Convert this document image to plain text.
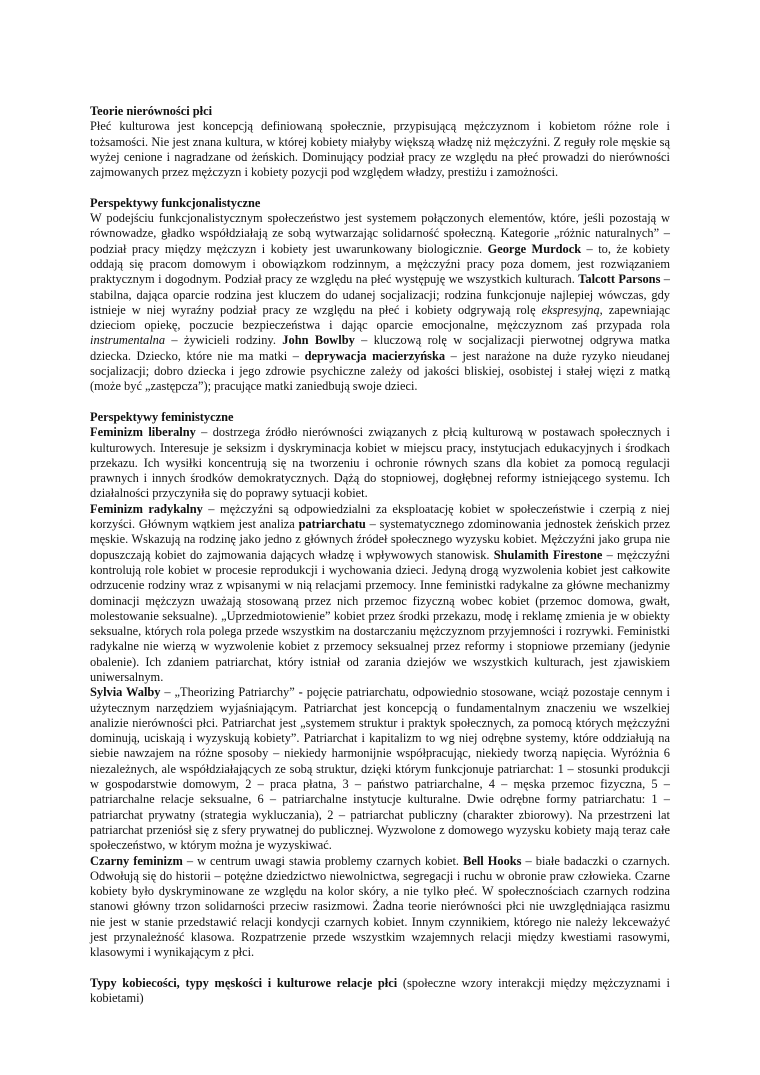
Teorie nierówności płci
Płeć kulturowa jest koncepcją definiowaną społecznie, przypisującą mężczyznom i kobietom różne role i tożsamości. Nie jest znana kultura, w której kobiety miałyby większą władzę niż mężczyźni. Z reguły role męskie są wyżej cenione i nagradzane od żeńskich. Dominujący podział pracy ze względu na płeć prowadzi do nierówności zajmowanych przez mężczyzn i kobiety pozycji pod względem władzy, prestiżu i zamożności.
Perspektywy funkcjonalistyczne
W podejściu funkcjonalistycznym społeczeństwo jest systemem połączonych elementów, które, jeśli pozostają w równowadze, gładko współdziałają ze sobą wytwarzając solidarność społeczną. Kategorie „różnic naturalnych” – podział pracy między mężczyzn i kobiety jest uwarunkowany biologicznie. George Murdock – to, że kobiety oddają się pracom domowym i obowiązkom rodzinnym, a mężczyźni pracy poza domem, jest rozwiązaniem praktycznym i dogodnym. Podział pracy ze względu na płeć występuję we wszystkich kulturach. Talcott Parsons – stabilna, dająca oparcie rodzina jest kluczem do udanej socjalizacji; rodzina funkcjonuje najlepiej wówczas, gdy istnieje w niej wyraźny podział pracy ze względu na płeć i kobiety odgrywają rolę ekspresyjną, zapewniając dzieciom opiekę, poczucie bezpieczeństwa i dając oparcie emocjonalne, mężczyznom zaś przypada rola instrumentalna – żywicieli rodziny. John Bowlby – kluczową rolę w socjalizacji pierwotnej odgrywa matka dziecka. Dziecko, które nie ma matki – deprywacja macierzyńska – jest narażone na duże ryzyko nieudanej socjalizacji; dobro dziecka i jego zdrowie psychiczne zależy od jakości bliskiej, osobistej i stałej więzi z matką (może być „zastępcza”); pracujące matki zaniedbują swoje dzieci.
Perspektywy feministyczne
Feminizm liberalny – dostrzega źródło nierówności związanych z płcią kulturową w postawach społecznych i kulturowych. Interesuje je seksizm i dyskryminacja kobiet w miejscu pracy, instytucjach edukacyjnych i środkach przekazu. Ich wysiłki koncentrują się na tworzeniu i ochronie równych szans dla kobiet za pomocą regulacji prawnych i innych środków demokratycznych. Dążą do stopniowej, dogłębnej reformy istniejącego systemu. Ich działalności przyczyniła się do poprawy sytuacji kobiet.
Feminizm radykalny – mężczyźni są odpowiedzialni za eksploatację kobiet w społeczeństwie i czerpią z niej korzyści. Głównym wątkiem jest analiza patriarchatu – systematycznego zdominowania jednostek żeńskich przez męskie. Wskazują na rodzinę jako jedno z głównych źródeł społecznego wyzysku kobiet. Mężczyźni jako grupa nie dopuszczają kobiet do zajmowania dających władzę i wpływowych stanowisk. Shulamith Firestone – mężczyźni kontrolują role kobiet w procesie reprodukcji i wychowania dzieci. Jedyną drogą wyzwolenia kobiet jest całkowite odrzucenie rodziny wraz z wpisanymi w nią relacjami przemocy. Inne feministki radykalne za główne mechanizmy dominacji mężczyzn uważają stosowaną przez nich przemoc fizyczną wobec kobiet (przemoc domowa, gwałt, molestowanie seksualne). „Uprzedmiotowienie” kobiet przez środki przekazu, modę i reklamę zmienia je w obiekty seksualne, których rola polega przede wszystkim na dostarczaniu mężczyznom przyjemności i rozrywki. Feministki radykalne nie wierzą w wyzwolenie kobiet z przemocy seksualnej przez reformy i stopniowe przemiany (jedynie obalenie). Ich zdaniem patriarchat, który istniał od zarania dziejów we wszystkich kulturach, jest zjawiskiem uniwersalnym.
Sylvia Walby – „Theorizing Patriarchy” - pojęcie patriarchatu, odpowiednio stosowane, wciąż pozostaje cennym i użytecznym narzędziem wyjaśniającym. Patriarchat jest koncepcją o fundamentalnym znaczeniu we wszelkiej analizie nierówności płci. Patriarchat jest „systemem struktur i praktyk społecznych, za pomocą których mężczyźni dominują, uciskają i wyzyskują kobiety”. Patriarchat i kapitalizm to wg niej odrębne systemy, które oddziałują na siebie nawzajem na różne sposoby – niekiedy harmonijnie współpracując, niekiedy tworzą napięcia. Wyróżnia 6 niezależnych, ale współdziałających ze sobą struktur, dzięki którym funkcjonuje patriarchat: 1 – stosunki produkcji w gospodarstwie domowym, 2 – praca płatna, 3 – państwo patriarchalne, 4 – męska przemoc fizyczna, 5 – patriarchalne relacje seksualne, 6 – patriarchalne instytucje kulturalne. Dwie odrębne formy patriarchatu: 1 – patriarchat prywatny (strategia wykluczania), 2 – patriarchat publiczny (charakter zbiorowy). Na przestrzeni lat patriarchat przeniósł się z sfery prywatnej do publicznej. Wyzwolone z domowego wyzysku kobiety mają teraz całe społeczeństwo, w którym można je wyzyskiwać.
Czarny feminizm – w centrum uwagi stawia problemy czarnych kobiet. Bell Hooks – białe badaczki o czarnych. Odwołują się do historii – potężne dziedzictwo niewolnictwa, segregacji i ruchu w obronie praw człowieka. Czarne kobiety było dyskryminowane ze względu na kolor skóry, a nie tylko płeć. W społecznościach czarnych rodzina stanowi główny trzon solidarności przeciw rasizmowi. Żadna teorie nierówności płci nie uwzględniająca rasizmu nie jest w stanie przedstawić relacji kondycji czarnych kobiet. Innym czynnikiem, którego nie należy lekceważyć jest przynależność klasowa. Rozpatrzenie przede wszystkim wzajemnych relacji między kwestiami rasowymi, klasowymi i wynikającym z płci.
Typy kobiecości, typy męskości i kulturowe relacje płci (społeczne wzory interakcji między mężczyznami i kobietami)
